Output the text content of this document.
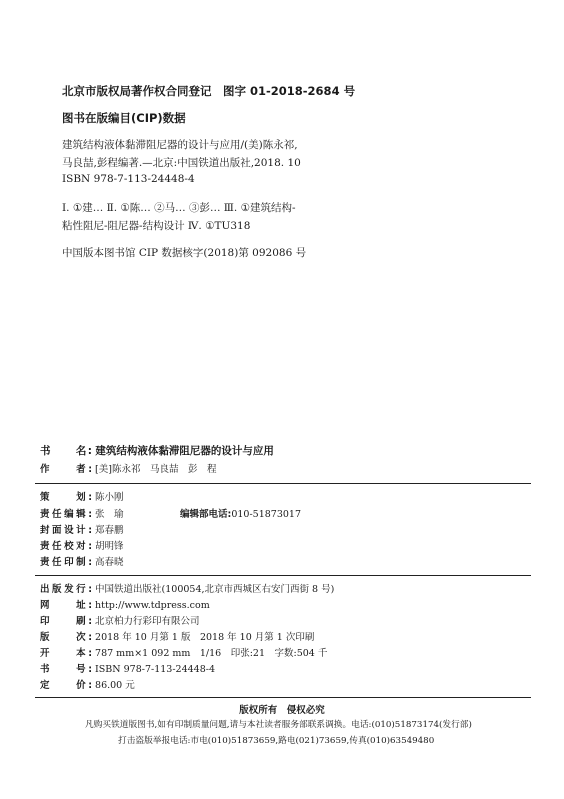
北京市版权局著作权合同登记　图字 01-2018-2684 号
图书在版编目(CIP)数据
建筑结构液体黏滞阻尼器的设计与应用/(美)陈永祁,
马良喆,彭程编著.—北京:中国铁道出版社,2018. 10
ISBN 978-7-113-24448-4
Ⅰ. ①建… Ⅱ. ①陈… ②马… ③彭… Ⅲ. ①建筑结构-
粘性阻尼-阻尼器-结构设计 Ⅳ. ①TU318
中国版本图书馆 CIP 数据核字(2018)第 092086 号
书　　名: 建筑结构液体黏滞阻尼器的设计与应用
作　　者: [美]陈永祁　马良喆　彭　程
策　　划: 陈小刚
责任编辑: 张　瑜	编辑部电话:010-51873017
封面设计: 郑春鹏
责任校对: 胡明锋
责任印制: 高春晓
出版发行: 中国铁道出版社(100054,北京市西城区右安门西街 8 号)
网　　址: http://www.tdpress.com
印　　刷: 北京柏力行彩印有限公司
版　　次: 2018 年 10 月第 1 版　2018 年 10 月第 1 次印刷
开　　本: 787 mm×1 092 mm　1/16　印张:21　字数:504 千
书　　号: ISBN 978-7-113-24448-4
定　　价: 86.00 元
版权所有　侵权必究
凡购买铁道版图书,如有印制质量问题,请与本社读者服务部联系调换。电话:(010)51873174(发行部)
打击盗版举报电话:市电(010)51873659,路电(021)73659,传真(010)63549480
